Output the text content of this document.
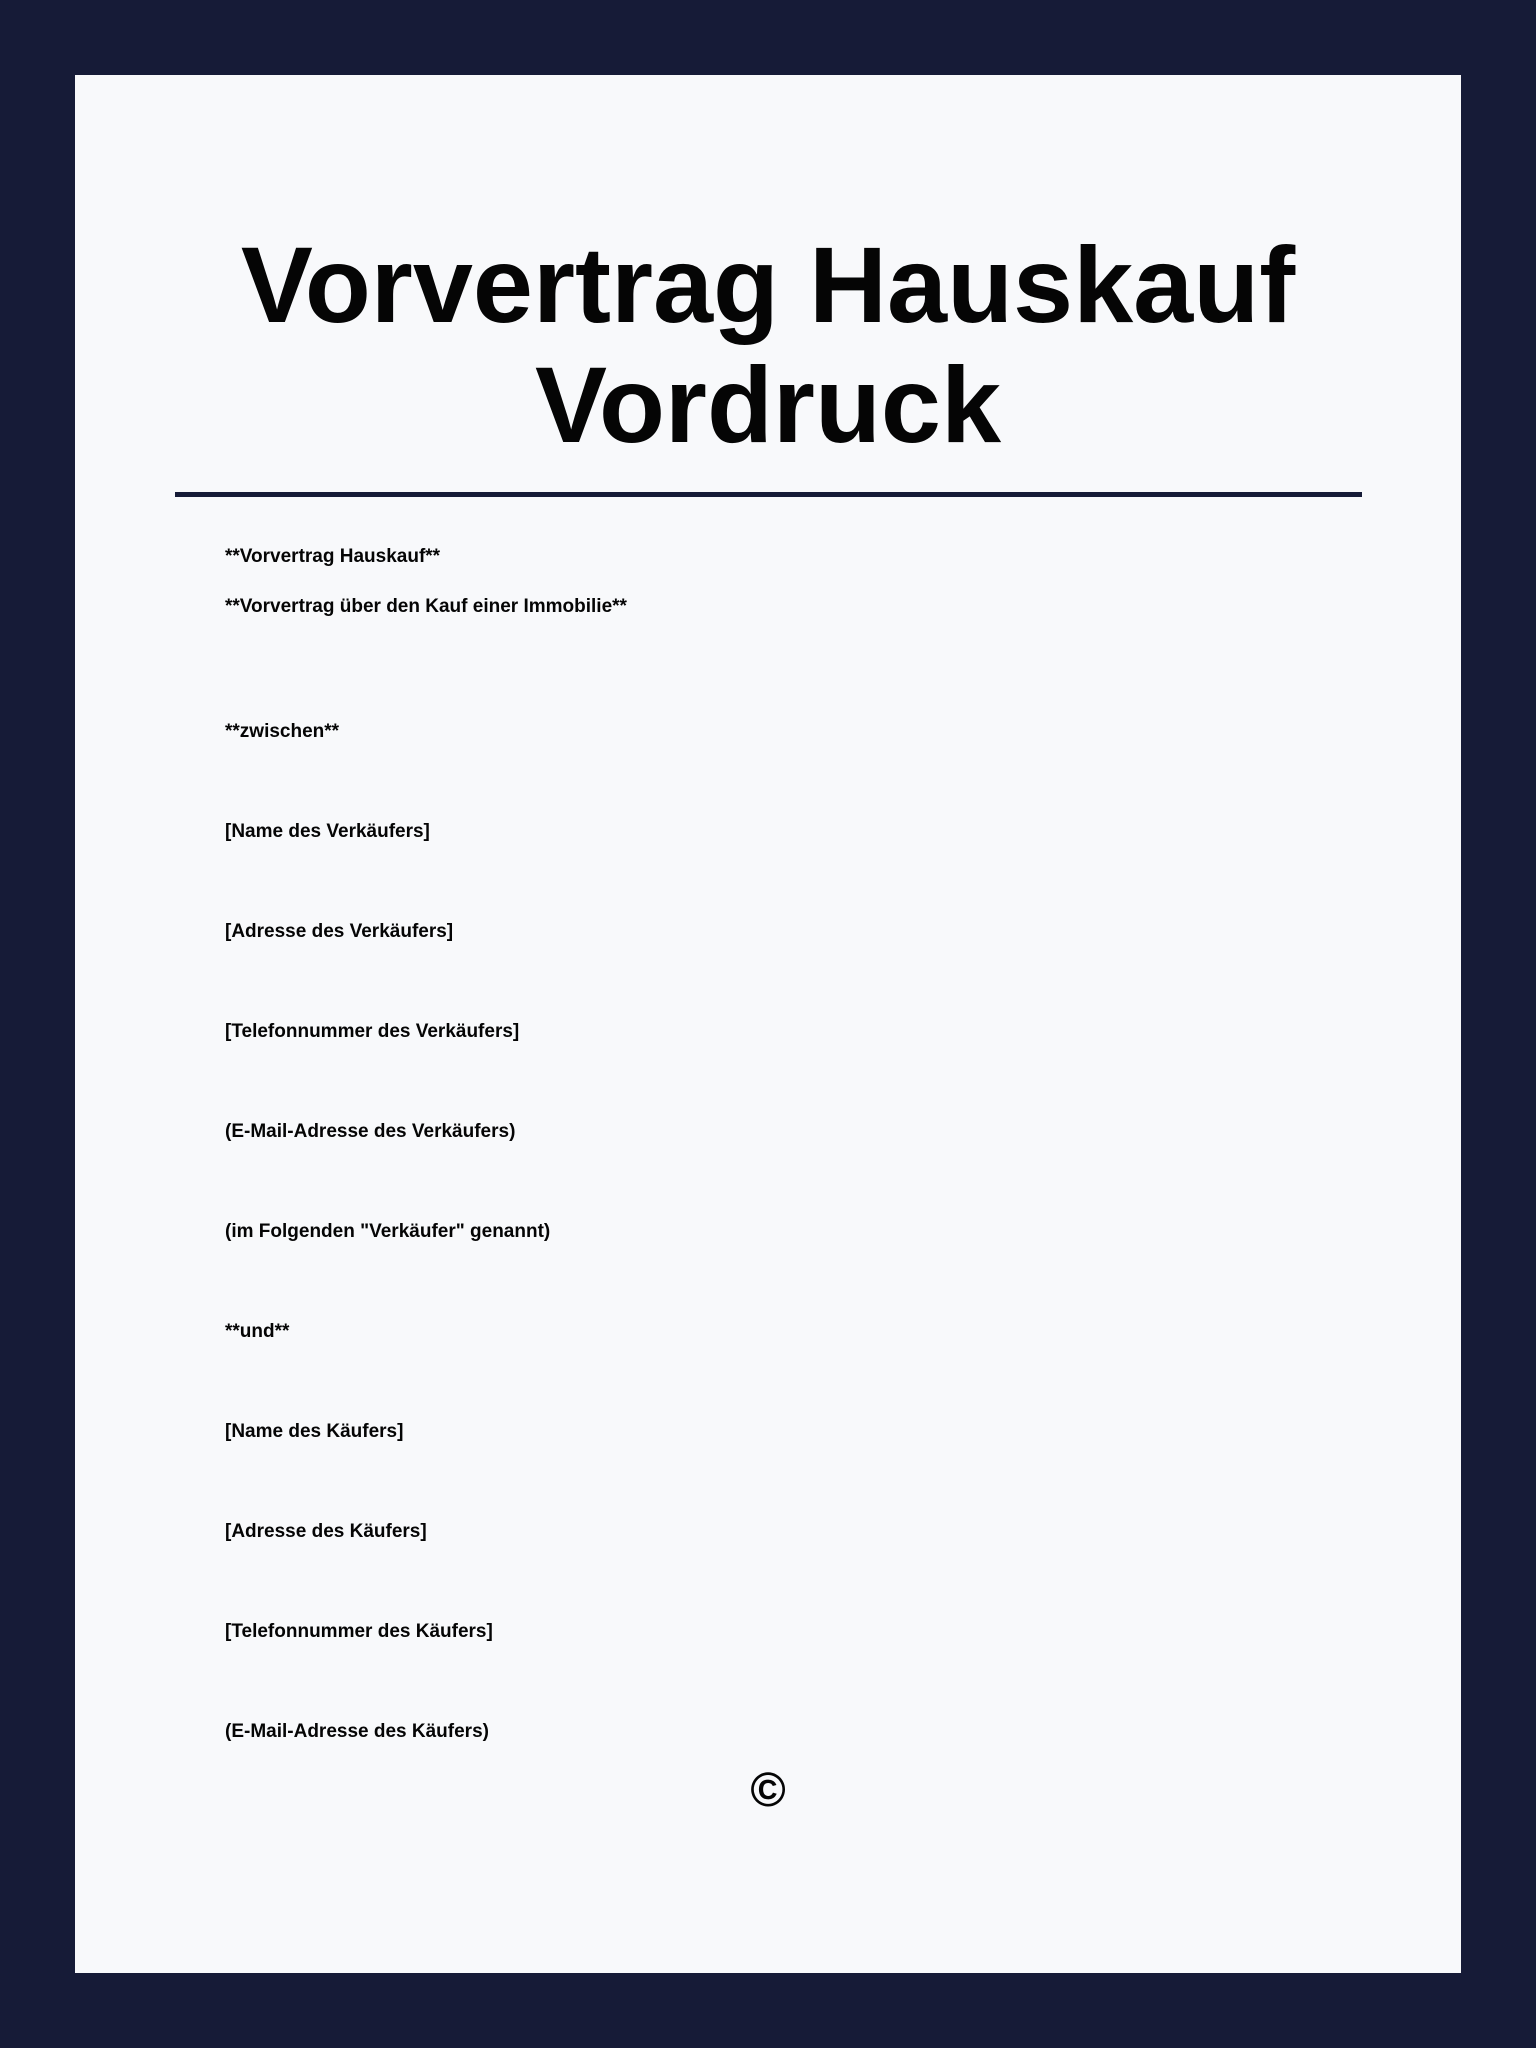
Vorvertrag Hauskauf
Vordruck

**Vorvertrag Hauskauf**

**Vorvertrag über den Kauf einer Immobilie**

**zwischen**

[Name des Verkäufers]

[Adresse des Verkäufers]

[Telefonnummer des Verkäufers]

(E-Mail-Adresse des Verkäufers)

(im Folgenden "Verkäufer" genannt)

**und**

[Name des Käufers]

[Adresse des Käufers]

[Telefonnummer des Käufers]

(E-Mail-Adresse des Käufers)

©
